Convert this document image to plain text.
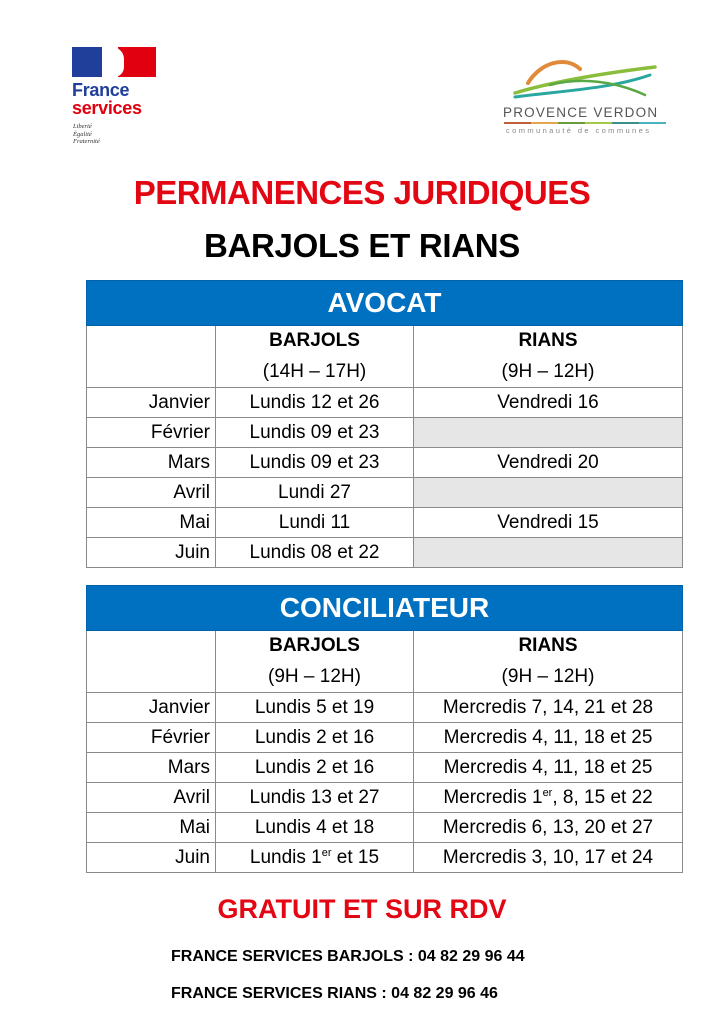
France
services
Liberté
Égalité
Fraternité
PROVENCE VERDON
communauté de communes
PERMANENCES JURIDIQUES
BARJOLS ET RIANS
AVOCAT		
	BARJOLS	RIANS
	(14H – 17H)	(9H – 12H)
Janvier	Lundis 12 et 26	Vendredi 16
Février	Lundis 09 et 23	
Mars	Lundis 09 et 23	Vendredi 20
Avril	Lundi 27	
Mai	Lundi 11	Vendredi 15
Juin	Lundis 08 et 22	
CONCILIATEUR		
	BARJOLS	RIANS
	(9H – 12H)	(9H – 12H)
Janvier	Lundis 5 et 19	Mercredis 7, 14, 21 et 28
Février	Lundis 2 et 16	Mercredis 4, 11, 18 et 25
Mars	Lundis 2 et 16	Mercredis 4, 11, 18 et 25
Avril	Lundis 13 et 27	Mercredis 1er, 8, 15 et 22
Mai	Lundis 4 et 18	Mercredis 6, 13, 20 et 27
Juin	Lundis 1er et 15	Mercredis 3, 10, 17 et 24
GRATUIT ET SUR RDV
FRANCE SERVICES BARJOLS : 04 82 29 96 44
FRANCE SERVICES RIANS : 04 82 29 96 46
